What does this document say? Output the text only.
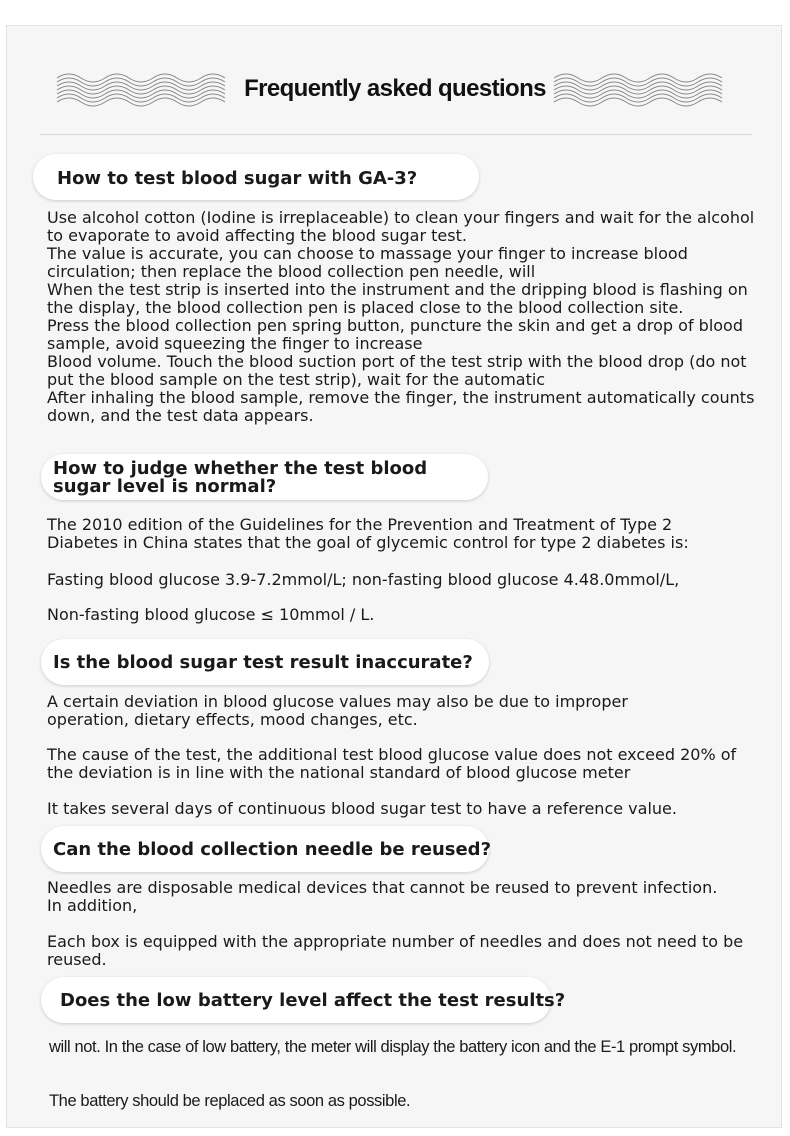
Frequently asked questions
How to test blood sugar with GA-3?
Use alcohol cotton (Iodine is irreplaceable) to clean your fingers and wait for the alcohol to evaporate to avoid affecting the blood sugar test.
The value is accurate, you can choose to massage your finger to increase blood circulation; then replace the blood collection pen needle, will
When the test strip is inserted into the instrument and the dripping blood is flashing on the display, the blood collection pen is placed close to the blood collection site.
Press the blood collection pen spring button, puncture the skin and get a drop of blood sample, avoid squeezing the finger to increase
Blood volume. Touch the blood suction port of the test strip with the blood drop (do not put the blood sample on the test strip), wait for the automatic
After inhaling the blood sample, remove the finger, the instrument automatically counts down, and the test data appears.
How to judge whether the test blood sugar level is normal?
The 2010 edition of the Guidelines for the Prevention and Treatment of Type 2 Diabetes in China states that the goal of glycemic control for type 2 diabetes is:
Fasting blood glucose 3.9-7.2mmol/L; non-fasting blood glucose 4.48.0mmol/L,
Non-fasting blood glucose ≤ 10mmol / L.
Is the blood sugar test result inaccurate?
A certain deviation in blood glucose values may also be due to improper operation, dietary effects, mood changes, etc.
The cause of the test, the additional test blood glucose value does not exceed 20% of the deviation is in line with the national standard of blood glucose meter
It takes several days of continuous blood sugar test to have a reference value.
Can the blood collection needle be reused?
Needles are disposable medical devices that cannot be reused to prevent infection. In addition,
Each box is equipped with the appropriate number of needles and does not need to be reused.
Does the low battery level affect the test results?
will not. In the case of low battery, the meter will display the battery icon and the E-1 prompt symbol.
The battery should be replaced as soon as possible.
